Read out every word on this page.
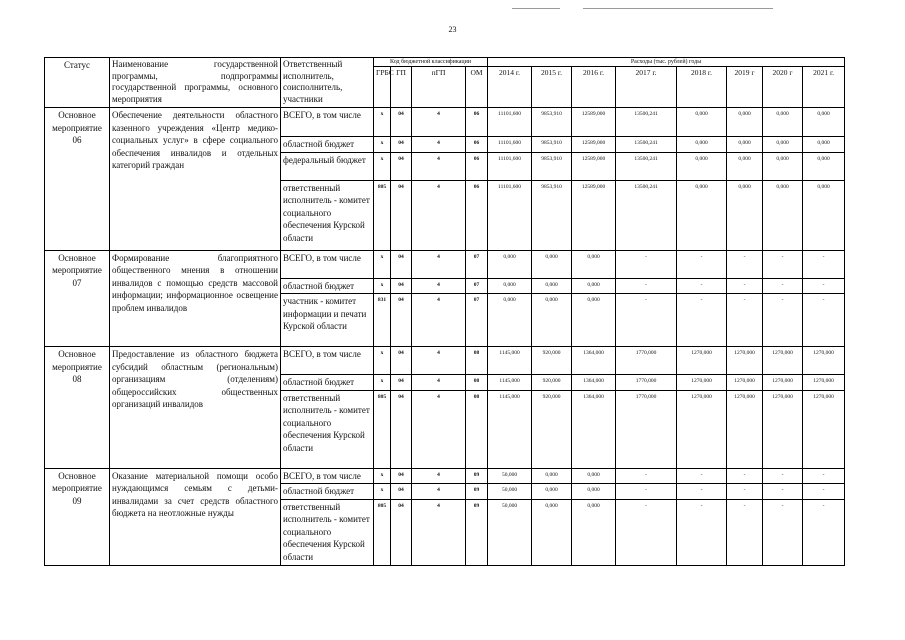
23
Статус	Наименование государственной программы, подпрограммы государственной программы, основного мероприятия	Ответственный исполнитель, соисполнитель, участники	Код бюджетной классификации				Расходы (тыс. рублей) годы							
			ГРБС	ГП	пГП	ОМ	2014 г.	2015 г.	2016 г.	2017 г.	2018 г.	2019 г	2020 г	2021 г.
Основное мероприятие 06	Обеспечение деятельности областного казенного учреждения «Центр медико-социальных услуг» в сфере социального обеспечения инвалидов и отдельных категорий граждан	ВСЕГО, в том числе	x	04	4	06	11101,600	9853,910	12589,000	13500,241	0,000	0,000	0,000	0,000
		областной бюджет	x	04	4	06	11101,600	9853,910	12589,000	13500,241	0,000	0,000	0,000	0,000
		федеральный бюджет	x	04	4	06	11101,600	9853,910	12589,000	13500,241	0,000	0,000	0,000	0,000
		ответственный исполнитель - комитет социального обеспечения Курской области	805	04	4	06	11101,600	9853,910	12589,000	13500,241	0,000	0,000	0,000	0,000
Основное мероприятие 07	Формирование благоприятного общественного мнения в отношении инвалидов с помощью средств массовой информации; информационное освещение проблем инвалидов	ВСЕГО, в том числе	x	04	4	07	0,000	0,000	0,000	-	-	-	-	-
		областной бюджет	x	04	4	07	0,000	0,000	0,000	-	-	-	-	-
		участник - комитет информации и печати Курской области	831	04	4	07	0,000	0,000	0,000	-	-	-	-	-
Основное мероприятие 08	Предоставление из областного бюджета субсидий областным (региональным) организациям (отделениям) общероссийских общественных организаций инвалидов	ВСЕГО, в том числе	x	04	4	08	1145,000	920,000	1364,000	1770,000	1270,000	1270,000	1270,000	1270,000
		областной бюджет	x	04	4	08	1145,000	920,000	1364,000	1770,000	1270,000	1270,000	1270,000	1270,000
		ответственный исполнитель - комитет социального обеспечения Курской области	805	04	4	08	1145,000	920,000	1364,000	1770,000	1270,000	1270,000	1270,000	1270,000
Основное мероприятие 09	Оказание материальной помощи особо нуждающимся семьям с детьми-инвалидами за счет средств областного бюджета на неотложные нужды	ВСЕГО, в том числе	x	04	4	09	50,000	0,000	0,000	-	-	-	-	-
		областной бюджет	x	04	4	09	50,000	0,000	0,000	-	-	-	-	-
		ответственный исполнитель - комитет социального обеспечения Курской области	805	04	4	09	50,000	0,000	0,000	-	-	-	-	-
